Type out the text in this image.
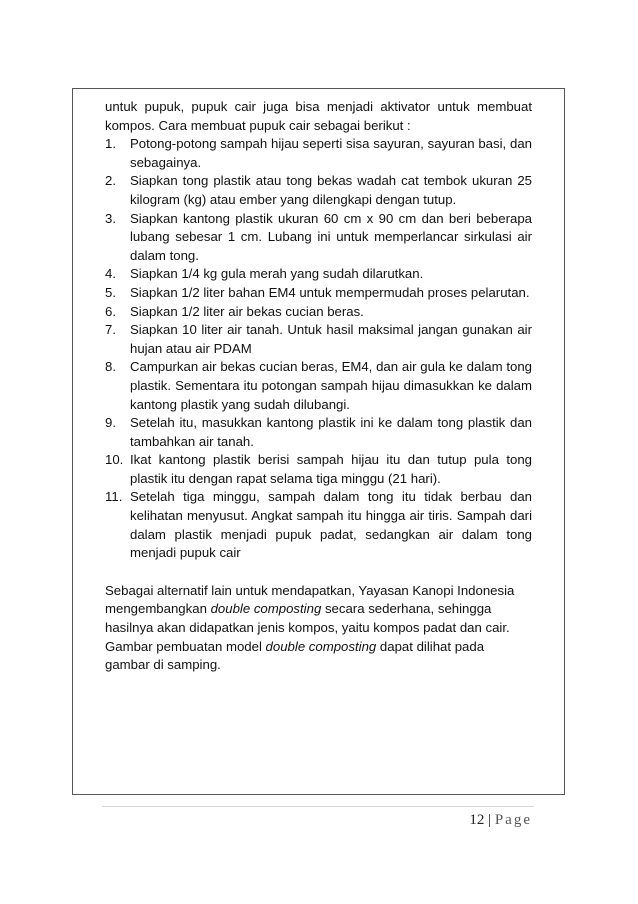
untuk pupuk, pupuk cair juga bisa menjadi aktivator untuk membuat kompos. Cara membuat pupuk cair sebagai berikut :

1. Potong-potong sampah hijau seperti sisa sayuran, sayuran basi, dan sebagainya.
2. Siapkan tong plastik atau tong bekas wadah cat tembok ukuran 25 kilogram (kg) atau ember yang dilengkapi dengan tutup.
3. Siapkan kantong plastik ukuran 60 cm x 90 cm dan beri beberapa lubang sebesar 1 cm. Lubang ini untuk memperlancar sirkulasi air dalam tong.
4. Siapkan 1/4 kg gula merah yang sudah dilarutkan.
5. Siapkan 1/2 liter bahan EM4 untuk mempermudah proses pelarutan.
6. Siapkan 1/2 liter air bekas cucian beras.
7. Siapkan 10 liter air tanah. Untuk hasil maksimal jangan gunakan air hujan atau air PDAM
8. Campurkan air bekas cucian beras, EM4, dan air gula ke dalam tong plastik. Sementara itu potongan sampah hijau dimasukkan ke dalam kantong plastik yang sudah dilubangi.
9. Setelah itu, masukkan kantong plastik ini ke dalam tong plastik dan tambahkan air tanah.
10. Ikat kantong plastik berisi sampah hijau itu dan tutup pula tong plastik itu dengan rapat selama tiga minggu (21 hari).
11. Setelah tiga minggu, sampah dalam tong itu tidak berbau dan kelihatan menyusut. Angkat sampah itu hingga air tiris. Sampah dari dalam plastik menjadi pupuk padat, sedangkan air dalam tong menjadi pupuk cair

Sebagai alternatif lain untuk mendapatkan, Yayasan Kanopi Indonesia mengembangkan double composting secara sederhana, sehingga hasilnya akan didapatkan jenis kompos, yaitu kompos padat dan cair. Gambar pembuatan model double composting dapat dilihat pada gambar di samping.

12 | Page
